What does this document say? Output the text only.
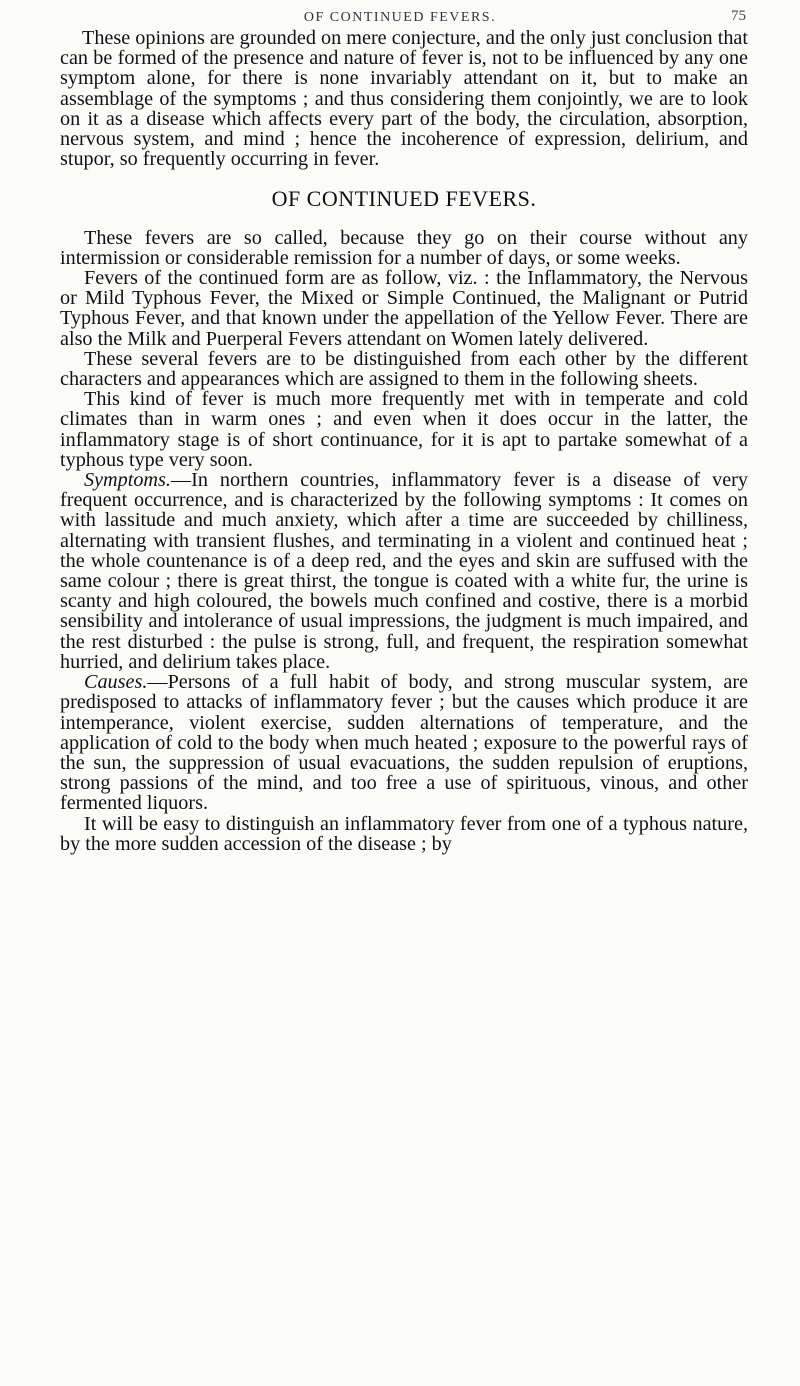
OF CONTINUED FEVERS.	75

These opinions are grounded on mere conjecture, and the only just conclusion that can be formed of the presence and nature of fever is, not to be influenced by any one symptom alone, for there is none invariably attendant on it, but to make an assemblage of the symptoms ; and thus considering them conjointly, we are to look on it as a disease which affects every part of the body, the circulation, absorption, nervous system, and mind ; hence the incoherence of expression, delirium, and stupor, so frequently occurring in fever.

OF CONTINUED FEVERS.

These fevers are so called, because they go on their course without any intermission or considerable remission for a number of days, or some weeks.

Fevers of the continued form are as follow, viz. : the Inflammatory, the Nervous or Mild Typhous Fever, the Mixed or Simple Continued, the Malignant or Putrid Typhous Fever, and that known under the appellation of the Yellow Fever. There are also the Milk and Puerperal Fevers attendant on Women lately delivered.

These several fevers are to be distinguished from each other by the different characters and appearances which are assigned to them in the following sheets.

This kind of fever is much more frequently met with in temperate and cold climates than in warm ones ; and even when it does occur in the latter, the inflammatory stage is of short continuance, for it is apt to partake somewhat of a typhous type very soon.

Symptoms.—In northern countries, inflammatory fever is a disease of very frequent occurrence, and is characterized by the following symptoms : It comes on with lassitude and much anxiety, which after a time are succeeded by chilliness, alternating with transient flushes, and terminating in a violent and continued heat ; the whole countenance is of a deep red, and the eyes and skin are suffused with the same colour ; there is great thirst, the tongue is coated with a white fur, the urine is scanty and high coloured, the bowels much confined and costive, there is a morbid sensibility and intolerance of usual impressions, the judgment is much impaired, and the rest disturbed : the pulse is strong, full, and frequent, the respiration somewhat hurried, and delirium takes place.

Causes.—Persons of a full habit of body, and strong muscular system, are predisposed to attacks of inflammatory fever ; but the causes which produce it are intemperance, violent exercise, sudden alternations of temperature, and the application of cold to the body when much heated ; exposure to the powerful rays of the sun, the suppression of usual evacuations, the sudden repulsion of eruptions, strong passions of the mind, and too free a use of spirituous, vinous, and other fermented liquors.

It will be easy to distinguish an inflammatory fever from one of a typhous nature, by the more sudden accession of the disease ; by
